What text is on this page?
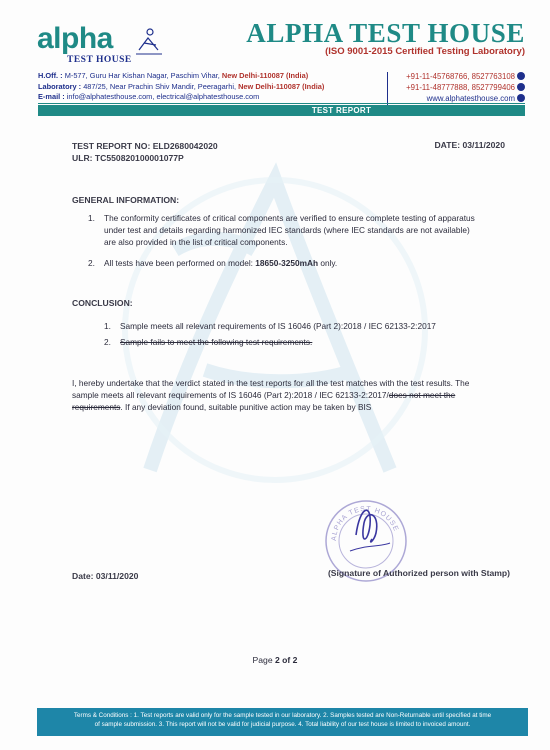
alpha
TEST HOUSE
ALPHA TEST HOUSE
(ISO 9001-2015 Certified Testing Laboratory)
H.Off. : M-577, Guru Har Kishan Nagar, Paschim Vihar, New Delhi-110087 (India)
Laboratory : 487/25, Near Prachin Shiv Mandir, Peeragarhi, New Delhi-110087 (India)
E-mail : info@alphatesthouse.com, electrical@alphatesthouse.com
+91-11-45768766, 8527763108
+91-11-48777888, 8527799406
www.alphatesthouse.com
TEST REPORT
TEST REPORT NO: ELD2680042020
ULR: TC550820100001077P
DATE: 03/11/2020
GENERAL INFORMATION:
1. The conformity certificates of critical components are verified to ensure complete testing of apparatus
under test and details regarding harmonized IEC standards (where IEC standards are not available)
are also provided in the list of critical components.
2. All tests have been performed on model: 18650-3250mAh only.
CONCLUSION:
1. Sample meets all relevant requirements of IS 16046 (Part 2):2018 / IEC 62133-2:2017
2. Sample fails to meet the following test requirements.
I, hereby undertake that the verdict stated in the test reports for all the test matches with the test results. The
sample meets all relevant requirements of IS 16046 (Part 2):2018 / IEC 62133-2:2017/does not meet the
requirements. If any deviation found, suitable punitive action may be taken by BIS
ALPHA TEST HOUSE
Date: 03/11/2020	(Signature of Authorized person with Stamp)
Page 2 of 2
Terms & Conditions : 1. Test reports are valid only for the sample tested in our laboratory. 2. Samples tested are Non-Returnable until specified at time
of sample submission. 3. This report will not be valid for judicial purpose. 4. Total liability of our test house is limited to invoiced amount.
